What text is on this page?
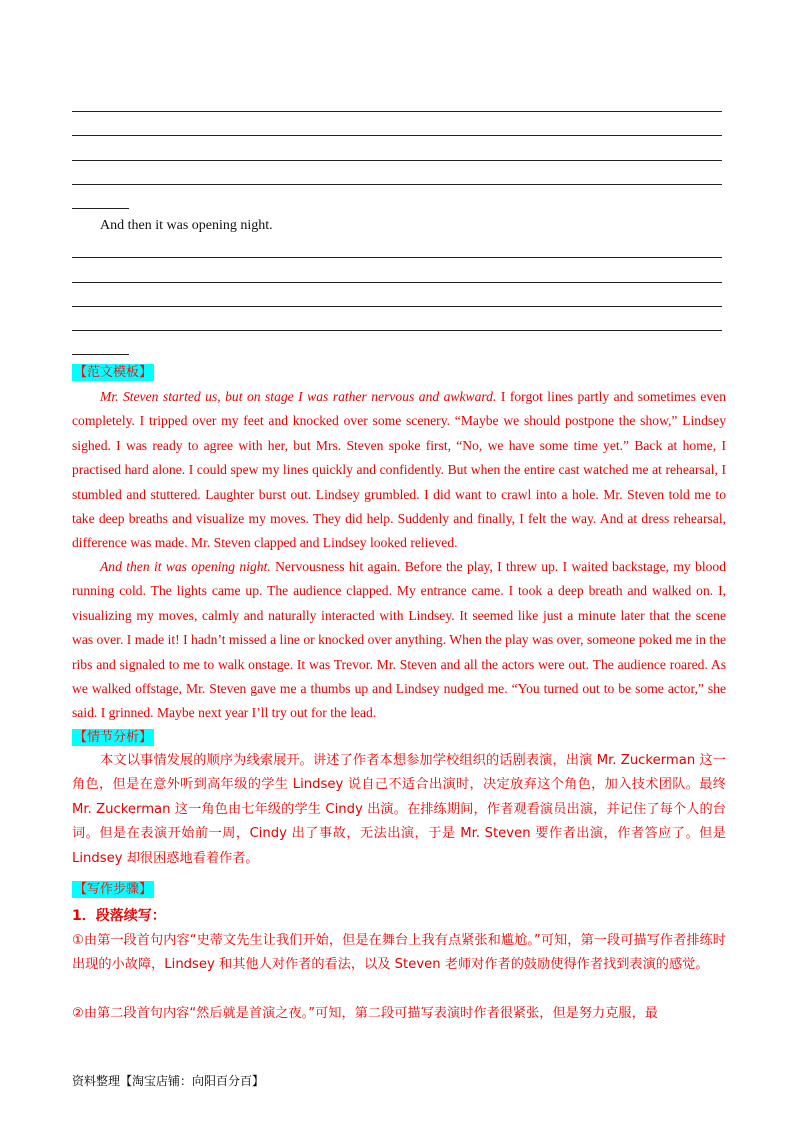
And then it was opening night.
【范文模板】
Mr. Steven started us, but on stage I was rather nervous and awkward. I forgot lines partly and sometimes even completely. I tripped over my feet and knocked over some scenery. “Maybe we should postpone the show,” Lindsey sighed. I was ready to agree with her, but Mrs. Steven spoke first, “No, we have some time yet.” Back at home, I practised hard alone. I could spew my lines quickly and confidently. But when the entire cast watched me at rehearsal, I stumbled and stuttered. Laughter burst out. Lindsey grumbled. I did want to crawl into a hole. Mr. Steven told me to take deep breaths and visualize my moves. They did help. Suddenly and finally, I felt the way. And at dress rehearsal, difference was made. Mr. Steven clapped and Lindsey looked relieved.
And then it was opening night. Nervousness hit again. Before the play, I threw up. I waited backstage, my blood running cold. The lights came up. The audience clapped. My entrance came. I took a deep breath and walked on. I, visualizing my moves, calmly and naturally interacted with Lindsey. It seemed like just a minute later that the scene was over. I made it! I hadn’t missed a line or knocked over anything. When the play was over, someone poked me in the ribs and signaled to me to walk onstage. It was Trevor. Mr. Steven and all the actors were out. The audience roared. As we walked offstage, Mr. Steven gave me a thumbs up and Lindsey nudged me. “You turned out to be some actor,” she said. I grinned. Maybe next year I’ll try out for the lead.
【情节分析】
本文以事情发展的顺序为线索展开。讲述了作者本想参加学校组织的话剧表演，出演 Mr. Zuckerman 这一角色，但是在意外听到高年级的学生 Lindsey 说自己不适合出演时，决定放弃这个角色，加入技术团队。最终 Mr. Zuckerman 这一角色由七年级的学生 Cindy 出演。在排练期间，作者观看演员出演，并记住了每个人的台词。但是在表演开始前一周，Cindy 出了事故，无法出演，于是 Mr. Steven 要作者出演，作者答应了。但是 Lindsey 却很困惑地看着作者。
【写作步骤】
1．段落续写：
①由第一段首句内容“史蒂文先生让我们开始，但是在舞台上我有点紧张和尴尬。”可知，第一段可描写作者排练时出现的小故障，Lindsey 和其他人对作者的看法，以及 Steven 老师对作者的鼓励使得作者找到表演的感觉。
②由第二段首句内容“然后就是首演之夜。”可知，第二段可描写表演时作者很紧张，但是努力克服，最
资料整理【淘宝店铺：向阳百分百】
